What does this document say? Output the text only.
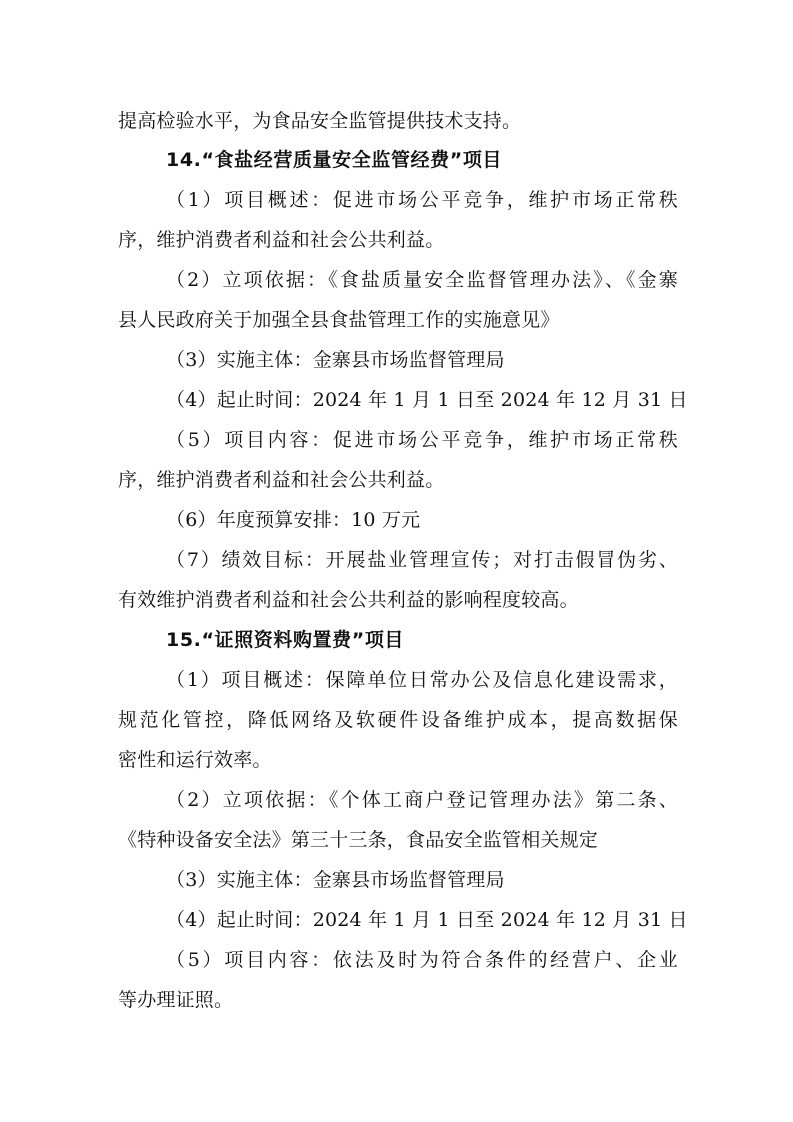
提高检验水平，为食品安全监管提供技术支持。
14.“食盐经营质量安全监管经费”项目
（1）项目概述：促进市场公平竞争，维护市场正常秩
序，维护消费者利益和社会公共利益。
（2）立项依据：《食盐质量安全监督管理办法》、《金寨
县人民政府关于加强全县食盐管理工作的实施意见》
（3）实施主体：金寨县市场监督管理局
（4）起止时间：2024 年 1 月 1 日至 2024 年 12 月 31 日
（5）项目内容：促进市场公平竞争，维护市场正常秩
序，维护消费者利益和社会公共利益。
（6）年度预算安排：10 万元
（7）绩效目标：开展盐业管理宣传；对打击假冒伪劣、
有效维护消费者利益和社会公共利益的影响程度较高。
15.“证照资料购置费”项目
（1）项目概述：保障单位日常办公及信息化建设需求，
规范化管控，降低网络及软硬件设备维护成本，提高数据保
密性和运行效率。
（2）立项依据：《个体工商户登记管理办法》第二条、
《特种设备安全法》第三十三条，食品安全监管相关规定
（3）实施主体：金寨县市场监督管理局
（4）起止时间：2024 年 1 月 1 日至 2024 年 12 月 31 日
（5）项目内容：依法及时为符合条件的经营户、企业
等办理证照。
